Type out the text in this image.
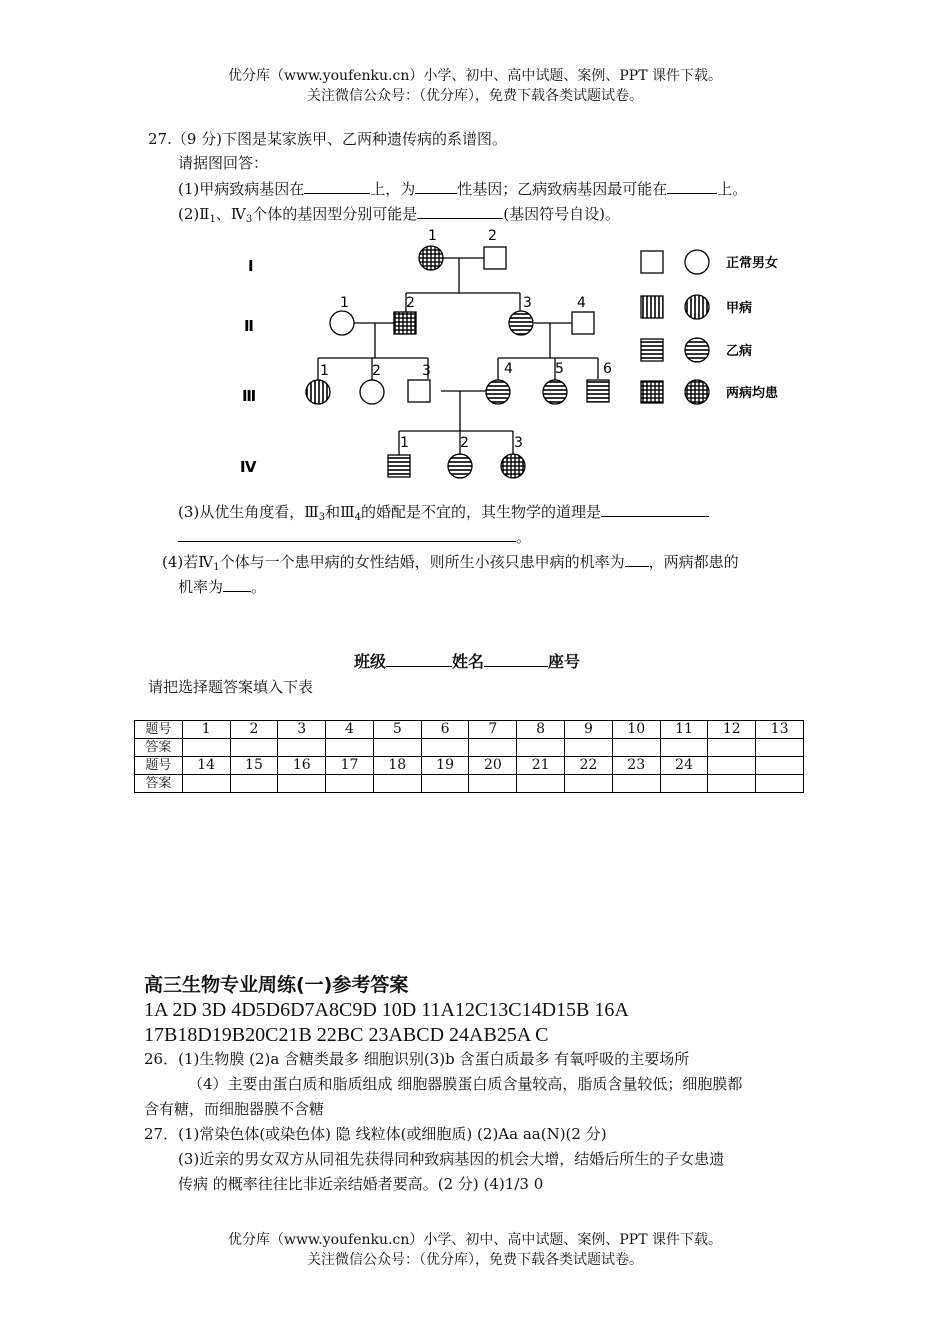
优分库（www.youfenku.cn）小学、初中、高中试题、案例、PPT 课件下载。
关注微信公众号：（优分库），免费下载各类试题试卷。
27.（9 分)下图是某家族甲、乙两种遗传病的系谱图。
请据图回答：
(1)甲病致病基因在	上，为	性基因；乙病致病基因最可能在	上。
$(2)Ⅱ_1$、$Ⅳ_3$个体的基因型分别可能是	(基因符号自设)。
Ⅰ
Ⅱ
Ⅲ
Ⅳ
1	2
1	2	3	4
1	2	3	4	5	6
1	2	3
正常男女
甲病
乙病
两病均患
(3)从优生角度看，$Ⅲ_3$和$Ⅲ_4$的婚配是不宜的，其生物学的道理是
。
(4)若$Ⅳ_1$个体与一个患甲病的女性结婚，则所生小孩只患甲病的机率为 ，两病都患的
机率为 。
班级	姓名	座号
请把选择题答案填入下表
题号	1	2	3	4	5	6	7	8	9	10	11	12	13
答案													
题号	14	15	16	17	18	19	20	21	22	23	24		
答案													
高三生物专业周练(一)参考答案
1A 2D 3D 4D5D6D7A8C9D 10D 11A12C13C14D15B 16A
17B18D19B20C21B 22BC 23ABCD 24AB25A C
26．(1)生物膜 (2)a 含糖类最多 细胞识别(3)b 含蛋白质最多 有氧呼吸的主要场所
（4）主要由蛋白质和脂质组成 细胞器膜蛋白质含量较高，脂质含量较低；细胞膜都
含有糖，而细胞器膜不含糖
27．(1)常染色体(或染色体) 隐 线粒体(或细胞质) (2)Aa aa(N)(2 分)
(3)近亲的男女双方从同祖先获得同种致病基因的机会大增，结婚后所生的子女患遗
传病 的概率往往比非近亲结婚者要高。(2 分) (4)1/3 0
优分库（www.youfenku.cn）小学、初中、高中试题、案例、PPT 课件下载。
关注微信公众号：（优分库），免费下载各类试题试卷。
